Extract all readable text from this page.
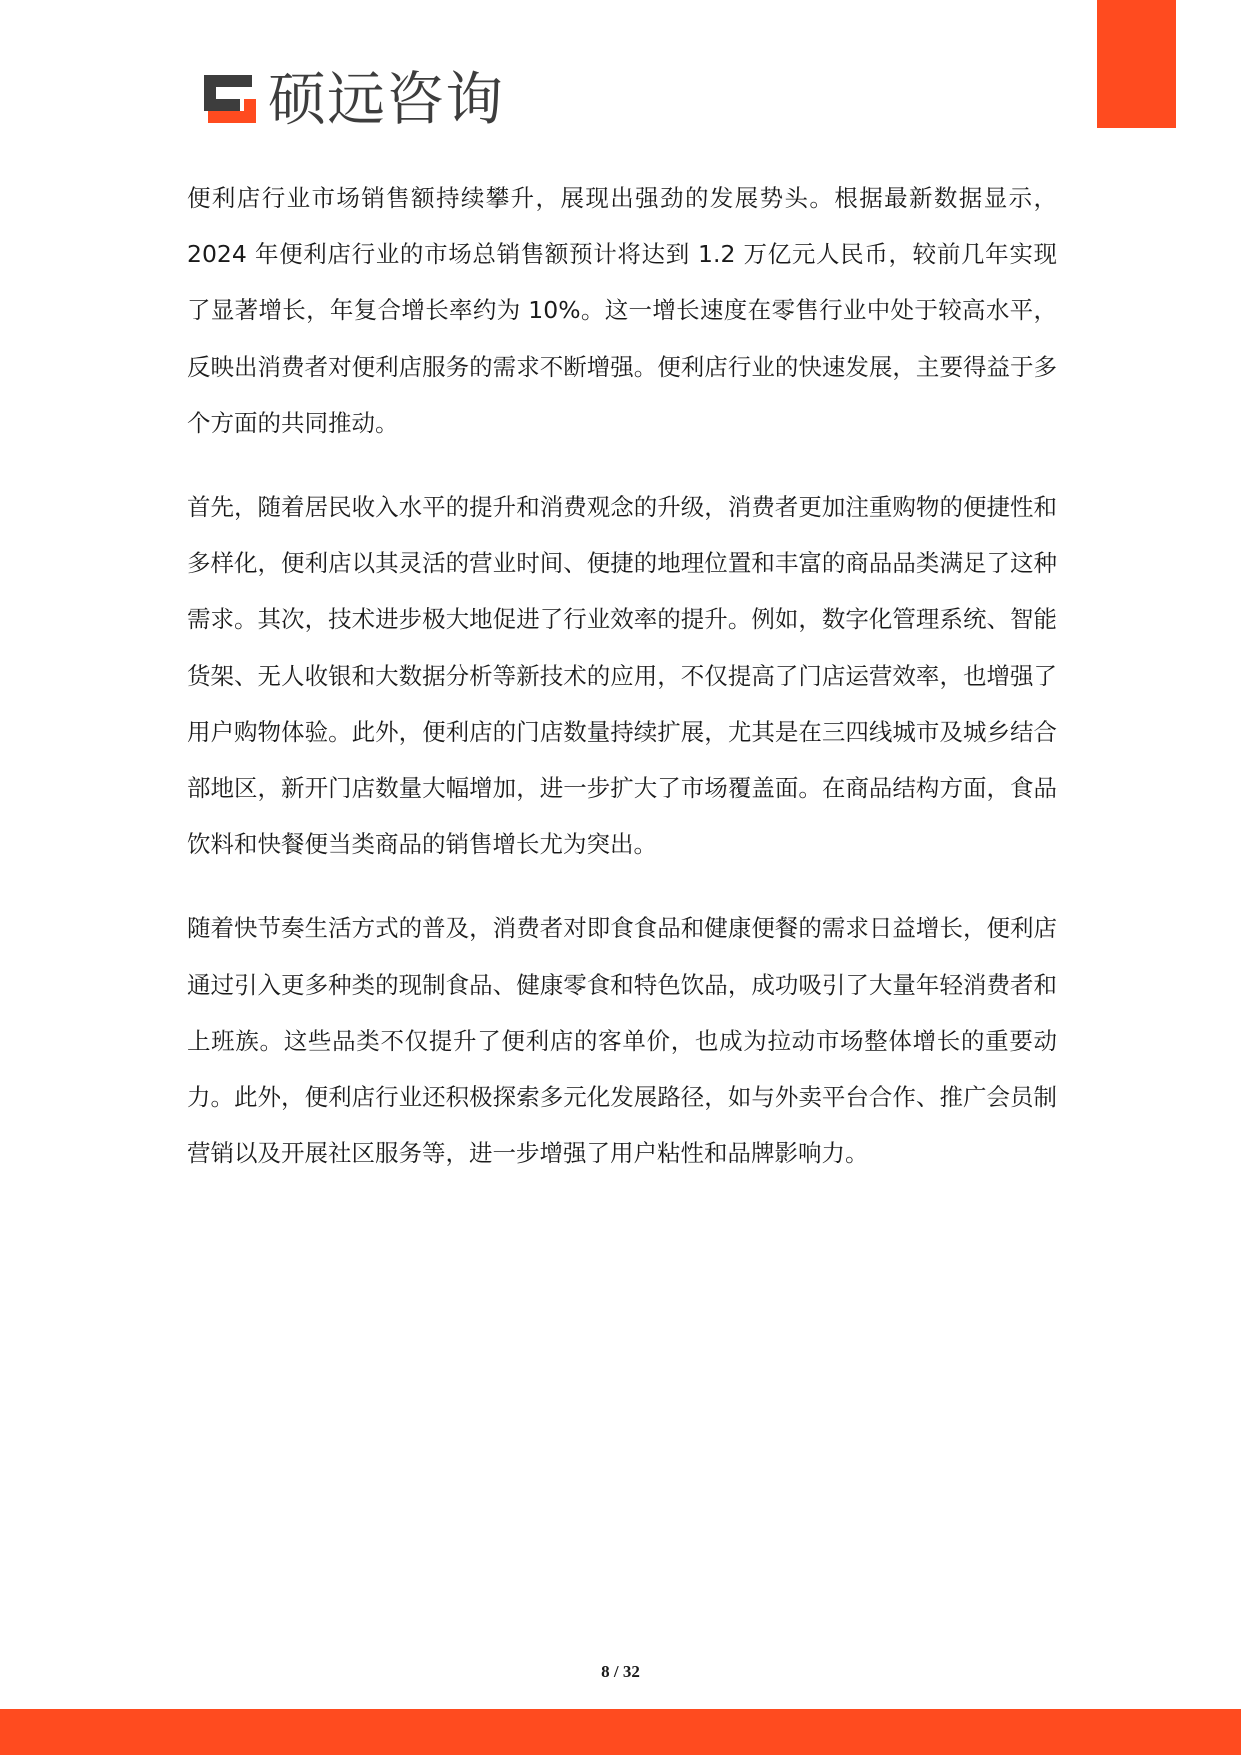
硕远咨询

便利店行业市场销售额持续攀升，展现出强劲的发展势头。根据最新数据显示，2024 年便利店行业的市场总销售额预计将达到 1.2 万亿元人民币，较前几年实现了显著增长，年复合增长率约为 10%。这一增长速度在零售行业中处于较高水平，反映出消费者对便利店服务的需求不断增强。便利店行业的快速发展，主要得益于多个方面的共同推动。

首先，随着居民收入水平的提升和消费观念的升级，消费者更加注重购物的便捷性和多样化，便利店以其灵活的营业时间、便捷的地理位置和丰富的商品品类满足了这种需求。其次，技术进步极大地促进了行业效率的提升。例如，数字化管理系统、智能货架、无人收银和大数据分析等新技术的应用，不仅提高了门店运营效率，也增强了用户购物体验。此外，便利店的门店数量持续扩展，尤其是在三四线城市及城乡结合部地区，新开门店数量大幅增加，进一步扩大了市场覆盖面。在商品结构方面，食品饮料和快餐便当类商品的销售增长尤为突出。

随着快节奏生活方式的普及，消费者对即食食品和健康便餐的需求日益增长，便利店通过引入更多种类的现制食品、健康零食和特色饮品，成功吸引了大量年轻消费者和上班族。这些品类不仅提升了便利店的客单价，也成为拉动市场整体增长的重要动力。此外，便利店行业还积极探索多元化发展路径，如与外卖平台合作、推广会员制营销以及开展社区服务等，进一步增强了用户粘性和品牌影响力。

8 / 32
